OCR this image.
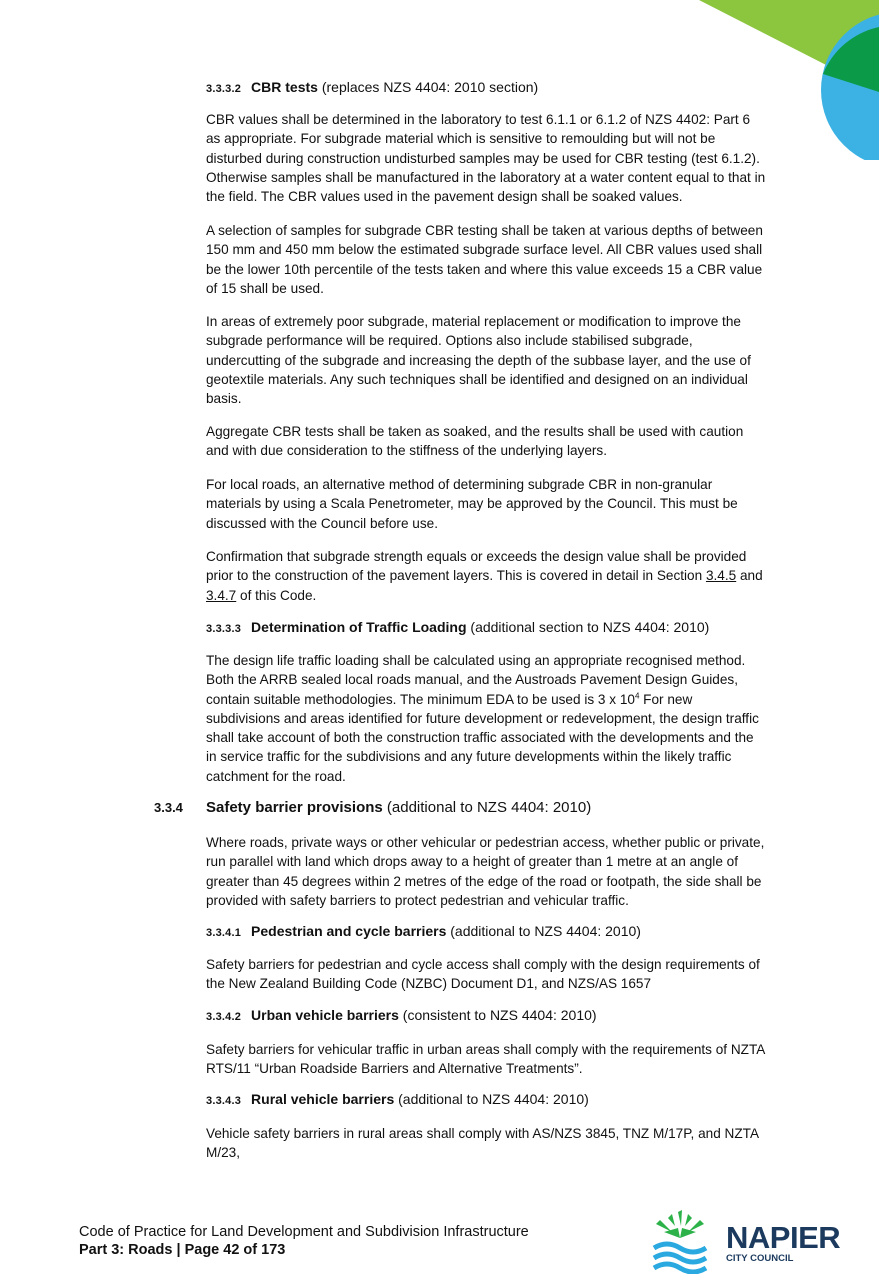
3.3.3.2 CBR tests (replaces NZS 4404: 2010 section)
CBR values shall be determined in the laboratory to test 6.1.1 or 6.1.2 of NZS 4402: Part 6
as appropriate. For subgrade material which is sensitive to remoulding but will not be
disturbed during construction undisturbed samples may be used for CBR testing (test 6.1.2).
Otherwise samples shall be manufactured in the laboratory at a water content equal to that in
the field. The CBR values used in the pavement design shall be soaked values.
A selection of samples for subgrade CBR testing shall be taken at various depths of between
150 mm and 450 mm below the estimated subgrade surface level. All CBR values used shall
be the lower 10th percentile of the tests taken and where this value exceeds 15 a CBR value
of 15 shall be used.
In areas of extremely poor subgrade, material replacement or modification to improve the
subgrade performance will be required. Options also include stabilised subgrade,
undercutting of the subgrade and increasing the depth of the subbase layer, and the use of
geotextile materials. Any such techniques shall be identified and designed on an individual
basis.
Aggregate CBR tests shall be taken as soaked, and the results shall be used with caution
and with due consideration to the stiffness of the underlying layers.
For local roads, an alternative method of determining subgrade CBR in non-granular
materials by using a Scala Penetrometer, may be approved by the Council. This must be
discussed with the Council before use.
Confirmation that subgrade strength equals or exceeds the design value shall be provided
prior to the construction of the pavement layers. This is covered in detail in Section 3.4.5 and
3.4.7 of this Code.
3.3.3.3 Determination of Traffic Loading (additional section to NZS 4404: 2010)
The design life traffic loading shall be calculated using an appropriate recognised method.
Both the ARRB sealed local roads manual, and the Austroads Pavement Design Guides,
contain suitable methodologies. The minimum EDA to be used is 3 x $10^4$ For new
subdivisions and areas identified for future development or redevelopment, the design traffic
shall take account of both the construction traffic associated with the developments and the
in service traffic for the subdivisions and any future developments within the likely traffic
catchment for the road.
3.3.4 Safety barrier provisions (additional to NZS 4404: 2010)
Where roads, private ways or other vehicular or pedestrian access, whether public or private,
run parallel with land which drops away to a height of greater than 1 metre at an angle of
greater than 45 degrees within 2 metres of the edge of the road or footpath, the side shall be
provided with safety barriers to protect pedestrian and vehicular traffic.
3.3.4.1 Pedestrian and cycle barriers (additional to NZS 4404: 2010)
Safety barriers for pedestrian and cycle access shall comply with the design requirements of
the New Zealand Building Code (NZBC) Document D1, and NZS/AS 1657
3.3.4.2 Urban vehicle barriers (consistent to NZS 4404: 2010)
Safety barriers for vehicular traffic in urban areas shall comply with the requirements of NZTA
RTS/11 “Urban Roadside Barriers and Alternative Treatments”.
3.3.4.3 Rural vehicle barriers (additional to NZS 4404: 2010)
Vehicle safety barriers in rural areas shall comply with AS/NZS 3845, TNZ M/17P, and NZTA
M/23,
Code of Practice for Land Development and Subdivision Infrastructure
Part 3: Roads | Page 42 of 173	NAPIER
CITY COUNCIL
